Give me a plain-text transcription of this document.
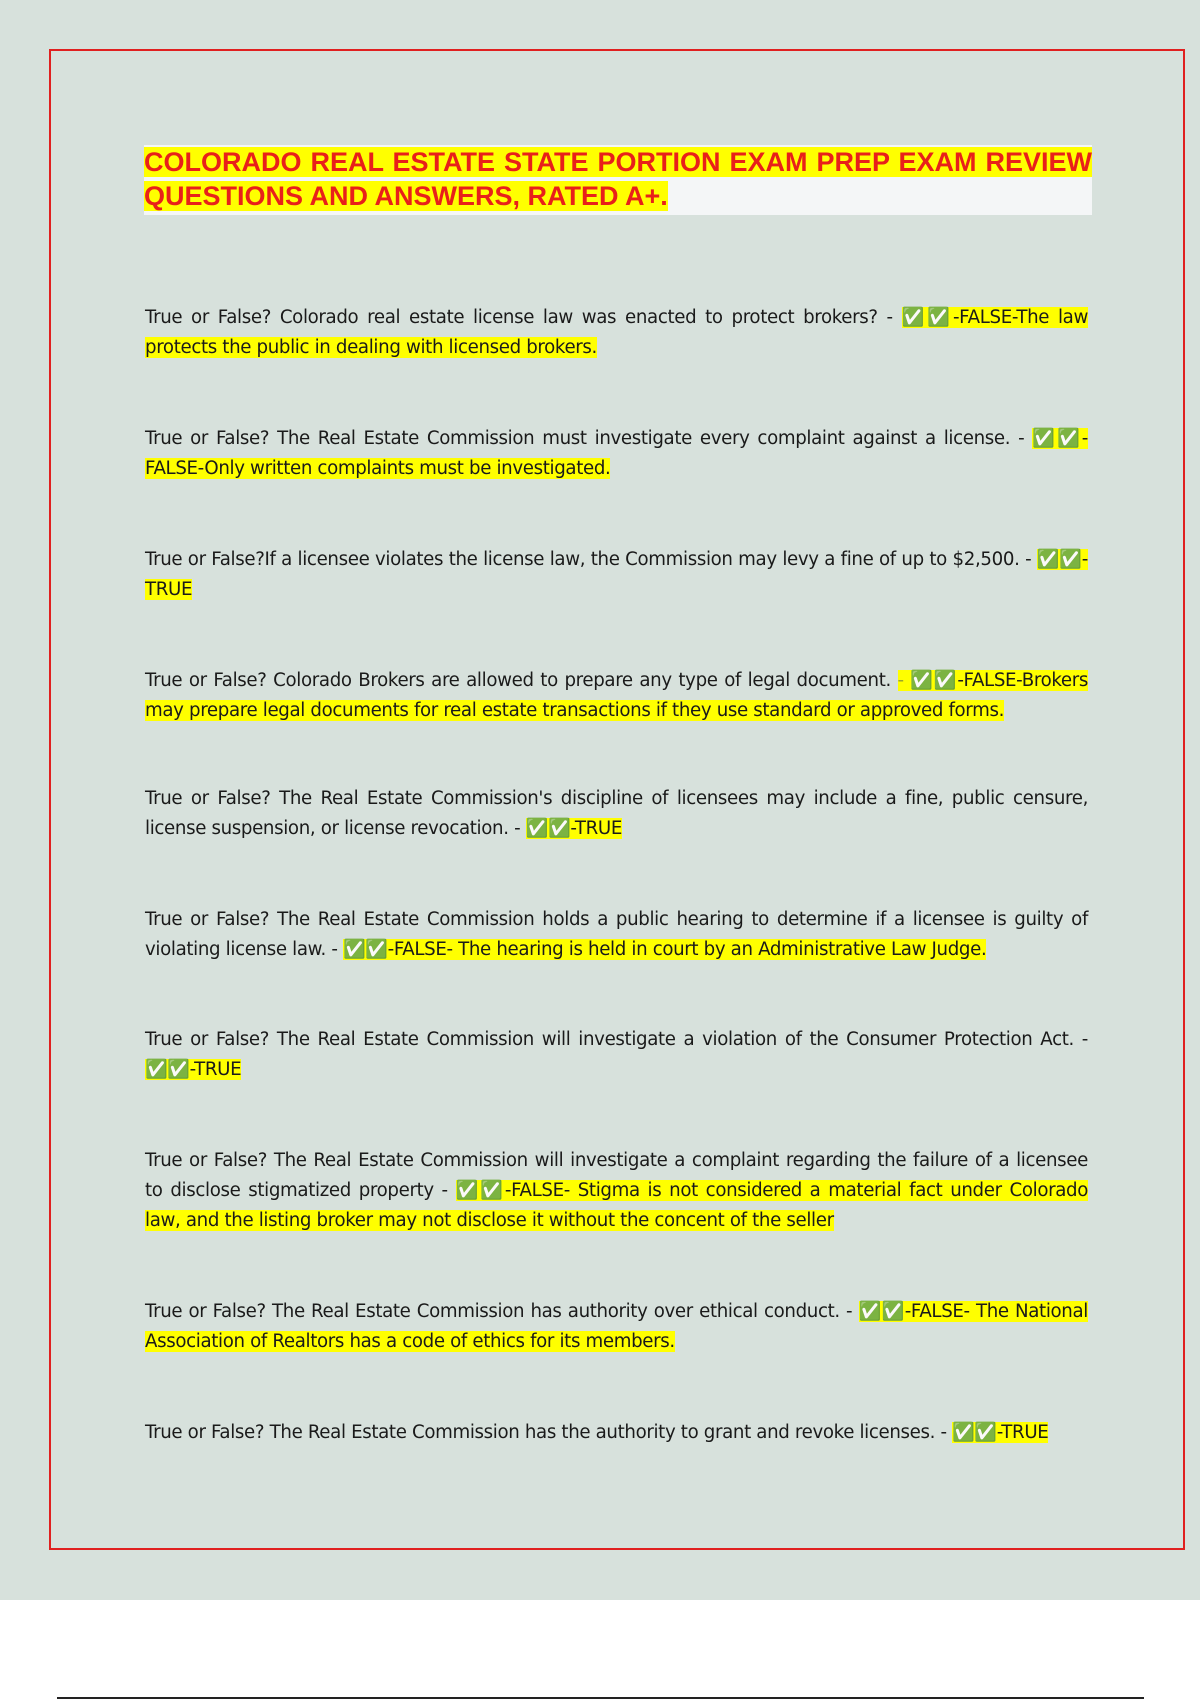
COLORADO REAL ESTATE STATE PORTION EXAM PREP EXAM REVIEW QUESTIONS AND ANSWERS, RATED A+.

True or False? Colorado real estate license law was enacted to protect brokers? - ✅✅-FALSE-The law protects the public in dealing with licensed brokers.

True or False? The Real Estate Commission must investigate every complaint against a license. - ✅✅-FALSE-Only written complaints must be investigated.

True or False?If a licensee violates the license law, the Commission may levy a fine of up to $2,500. - ✅✅-TRUE

True or False? Colorado Brokers are allowed to prepare any type of legal document. - ✅✅-FALSE-Brokers may prepare legal documents for real estate transactions if they use standard or approved forms.

True or False? The Real Estate Commission's discipline of licensees may include a fine, public censure, license suspension, or license revocation. - ✅✅-TRUE

True or False? The Real Estate Commission holds a public hearing to determine if a licensee is guilty of violating license law. - ✅✅-FALSE- The hearing is held in court by an Administrative Law Judge.

True or False? The Real Estate Commission will investigate a violation of the Consumer Protection Act. - ✅✅-TRUE

True or False? The Real Estate Commission will investigate a complaint regarding the failure of a licensee to disclose stigmatized property - ✅✅-FALSE- Stigma is not considered a material fact under Colorado law, and the listing broker may not disclose it without the concent of the seller

True or False? The Real Estate Commission has authority over ethical conduct. - ✅✅-FALSE- The National Association of Realtors has a code of ethics for its members.

True or False? The Real Estate Commission has the authority to grant and revoke licenses. - ✅✅-TRUE
